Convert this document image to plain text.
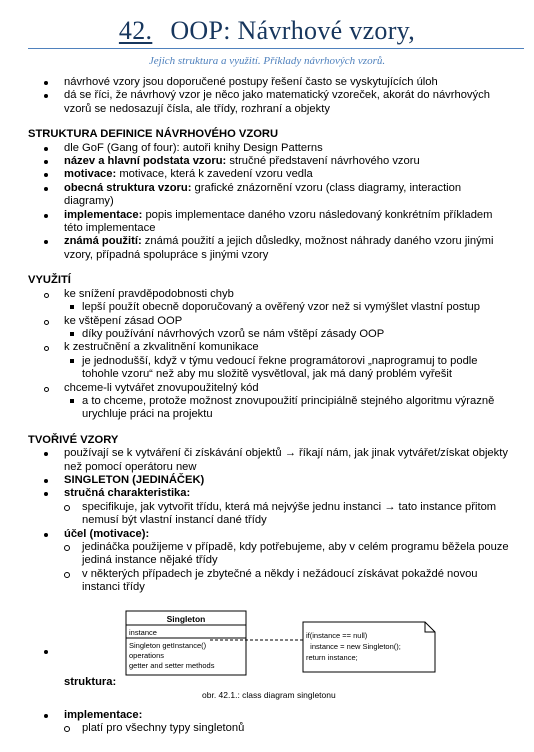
42. OOP: Návrhové vzory,
Jejich struktura a využití. Příklady návrhových vzorů.
návrhové vzory jsou doporučené postupy řešení často se vyskytujících úloh
dá se říci, že návrhový vzor je něco jako matematický vzoreček, akorát do návrhových vzorů se nedosazují čísla, ale třídy, rozhraní a objekty
STRUKTURA DEFINICE NÁVRHOVÉHO VZORU
dle GoF (Gang of four): autoři knihy Design Patterns
název a hlavní podstata vzoru: stručné představení návrhového vzoru
motivace: motivace, která k zavedení vzoru vedla
obecná struktura vzoru: grafické znázornění vzoru (class diagramy, interaction diagramy)
implementace: popis implementace daného vzoru následovaný konkrétním příkladem této implementace
známá použití: známá použití a jejich důsledky, možnost náhrady daného vzoru jinými vzory, případná spolupráce s jinými vzory
VYUŽITÍ
ke snížení pravděpodobnosti chyb
lepší použít obecně doporučovaný a ověřený vzor než si vymýšlet vlastní postup
ke vštěpení zásad OOP
díky používání návrhových vzorů se nám vštěpí zásady OOP
k zestručnění a zkvalitnění komunikace
je jednodušší, když v týmu vedoucí řekne programátorovi „naprogramuj to podle tohohle vzoru“ než aby mu složitě vysvětloval, jak má daný problém vyřešit
chceme-li vytvářet znovupoužitelný kód
a to chceme, protože možnost znovupoužití principiálně stejného algoritmu výrazně urychluje práci na projektu
TVOŘIVÉ VZORY
používají se k vytváření či získávání objektů → říkají nám, jak jinak vytvářet/získat objekty než pomocí operátoru new
SINGLETON (JEDINÁČEK)
stručná charakteristika:
specifikuje, jak vytvořit třídu, která má nejvýše jednu instanci → tato instance přitom nemusí být vlastní instancí dané třídy
účel (motivace):
jedináčka použijeme v případě, kdy potřebujeme, aby v celém programu běžela pouze jediná instance nějaké třídy
v některých případech je zbytečné a někdy i nežádoucí získávat pokaždé novou instanci třídy
Singleton
instance
Singleton getInstance()
operations
getter and setter methods
if(instance == null)
instance = new Singleton();
return instance;
struktura:
obr. 42.1.: class diagram singletonu
implementace:
platí pro všechny typy singletonů
